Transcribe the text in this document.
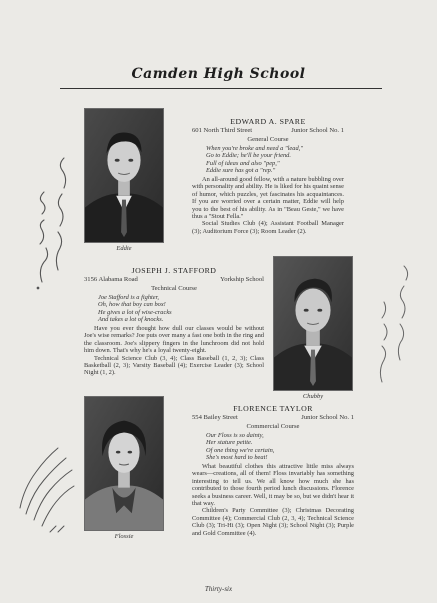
Camden High School
Eddie
EDWARD A. SPARE
601 North Third Street	Junior School No. 1
General Course
When you're broke and need a "lead,"
Go to Eddie; he'll be your friend.
Full of ideas and also "pep,"
Eddie sure has got a "rep."
An all-around good fellow, with a nature bubbling over with personality and ability. He is liked for his quaint sense of humor, which puzzles, yet fascinates his acquaintances. If you are worried over a certain matter, Eddie will help you to the best of his ability. As in "Beau Geste," we have thus a "Stout Fella."
Social Studies Club (4); Assistant Football Manager (3); Auditorium Force (3); Room Leader (2).
JOSEPH J. STAFFORD
3156 Alabama Road	Yorkship School
Technical Course
Joe Stafford is a fighter,
Oh, how that boy can box!
He gives a lot of wise-cracks
And takes a lot of knocks.
Have you ever thought how dull our classes would be without Joe's wise remarks? Joe puts over many a fast one both in the ring and the classroom. Joe's slippery fingers in the lunchroom did not hold him down. That's why he's a loyal twenty-eight.
Technical Science Club (3, 4); Class Baseball (1, 2, 3); Class Basketball (2, 3); Varsity Baseball (4); Exercise Leader (3); School Night (1, 2).
Chubby
Flossie
FLORENCE TAYLOR
554 Bailey Street	Junior School No. 1
Commercial Course
Our Floss is so dainty,
Her stature petite.
Of one thing we're certain,
She's most hard to beat!
What beautiful clothes this attractive little miss always wears—creations, all of them! Floss invariably has something interesting to tell us. We all know how much she has contributed to those fourth period lunch discussions. Florence seeks a business career. Well, it may be so, but we didn't hear it that way.
Children's Party Committee (3); Christmas Decorating Committee (4); Commercial Club (2, 3, 4); Technical Science Club (3); Tri-Hi (3); Open Night (3); School Night (3); Purple and Gold Committee (4).
Thirty-six
